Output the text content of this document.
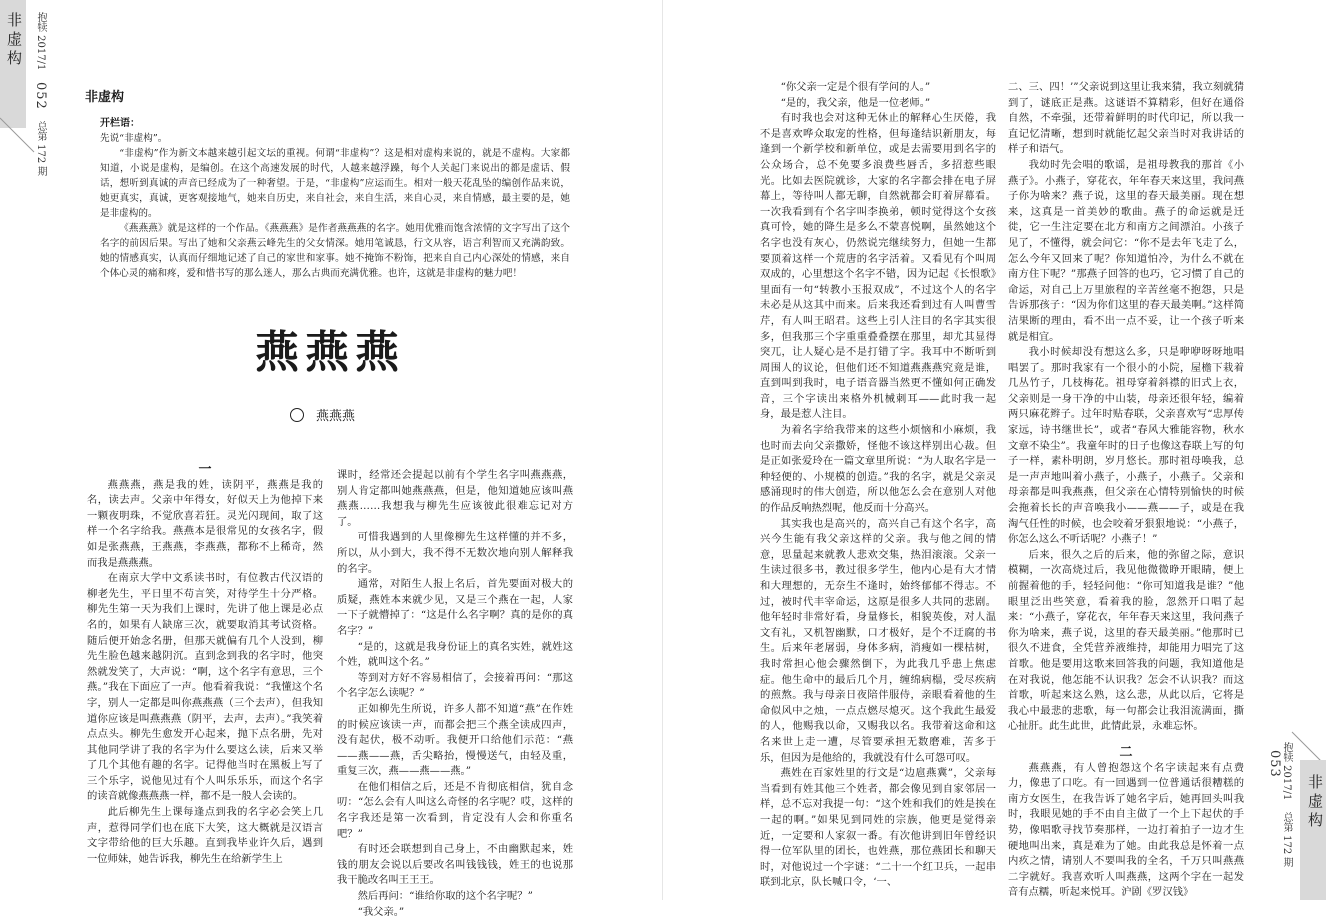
非虚构 抱犊 2017/1 052 总第 172 期
非虚构

开栏语：

先说“非虚构”。

“非虚构”作为新文本越来越引起文坛的重视。何谓“非虚构”？这是相对虚构来说的，就是不虚构。大家都知道，小说是虚构，是编创。在这个高速发展的时代，人越来越浮躁，每个人关起门来说出的都是虚话、假话，想听到真诚的声音已经成为了一种奢望。于是，“非虚构”应运而生。相对一般天花乱坠的编创作品来说，她更真实，真诚，更客观接地气，她来自历史，来自社会，来自生活，来自心灵，来自情感，最主要的是，她是非虚构的。

《燕燕燕》就是这样的一个作品。《燕燕燕》是作者燕燕燕的名字。她用优雅而饱含浓情的文字写出了这个名字的前因后果。写出了她和父亲燕云峰先生的父女情深。她用笔诚恳，行文从容，语言利智而又充满韵致。她的情感真实，认真而仔细地记述了自己的家世和家事。她不掩饰不粉饰，把来自自己内心深处的情感，来自个体心灵的痛和疼，爱和惜书写的那么迷人，那么古典而充满优雅。也许，这就是非虚构的魅力吧！

燕燕燕
燕燕燕

一

燕燕燕，燕是我的姓，读阴平，燕燕是我的名，读去声。父亲中年得女，好似天上为他掉下来一颗夜明珠，不觉欣喜若狂。灵光闪现间，取了这样一个名字给我。燕燕本是很常见的女孩名字，假如是张燕燕，王燕燕，李燕燕，都称不上稀奇，然而我是燕燕燕。

在南京大学中文系读书时，有位教古代汉语的柳老先生，平日里不苟言笑，对待学生十分严格。柳先生第一天为我们上课时，先讲了他上课是必点名的，如果有人缺席三次，就要取消其考试资格。随后便开始念名册，但那天就偏有几个人没到，柳先生脸色越来越阴沉。直到念到我的名字时，他突然就发笑了，大声说：“啊，这个名字有意思，三个燕。”我在下面应了一声。他看着我说：“我懂这个名字，别人一定都是叫你燕燕燕（三个去声），但我知道你应该是叫燕燕燕（阴平，去声，去声）。”我笑着点点头。柳先生愈发开心起来，抛下点名册，先对其他同学讲了我的名字为什么要这么读，后来又举了几个其他有趣的名字。记得他当时在黑板上写了三个乐字，说他见过有个人叫乐乐乐，而这个名字的读音就像燕燕燕一样，都不是一般人会读的。

此后柳先生上课每逢点到我的名字必会笑上几声，惹得同学们也在底下大笑，这大概就是汉语言文字带给他的巨大乐趣。直到我毕业许久后，遇到一位师妹，她告诉我，柳先生在给新学生上

课时，经常还会提起以前有个学生名字叫燕燕燕，别人肯定都叫她燕燕燕，但是，他知道她应该叫燕燕燕……我想我与柳先生应该彼此很难忘记对方了。

可惜我遇到的人里像柳先生这样懂的并不多，所以，从小到大，我不得不无数次地向别人解释我的名字。

通常，对陌生人报上名后，首先要面对极大的质疑，燕姓本来就少见，又是三个燕在一起，人家一下子就懵掉了：“这是什么名字啊？真的是你的真名字？”

“是的，这就是我身份证上的真名实姓，就姓这个姓，就叫这个名。”

等到对方好不容易相信了，会接着再问：“那这个名字怎么读呢？”

正如柳先生所说，许多人都不知道“燕”在作姓的时候应该读一声，而都会把三个燕全读成四声，没有起伏，极不动听。我便开口给他们示范：“燕——燕——燕，舌尖略抬，慢慢送气，由轻及重，重复三次，燕——燕——燕。”

在他们相信之后，还是不肯彻底相信，犹自念叨：“怎么会有人叫这么奇怪的名字呢？哎，这样的名字我还是第一次看到，肯定没有人会和你重名吧？”

有时还会联想到自己身上，不由幽默起来，姓钱的朋友会说以后要改名叫钱钱钱，姓王的也说那我干脆改名叫王王王。

然后再问：“谁给你取的这个名字呢？”

“我父亲。”

“你父亲一定是个很有学问的人。”

“是的，我父亲，他是一位老师。”

有时我也会对这种无休止的解释心生厌倦，我不是喜欢哗众取宠的性格，但每逢结识新朋友，每逢到一个新学校和新单位，或是去需要用到名字的公众场合，总不免要多浪费些唇舌，多招惹些眼光。比如去医院就诊，大家的名字都会排在电子屏幕上，等待叫人都无聊，自然就都会盯着屏幕看。一次我看到有个名字叫李换弟，顿时觉得这个女孩真可怜，她的降生是多么不蒙喜悦啊，虽然她这个名字也没有灰心，仍然说完继续努力，但她一生都要顶着这样一个荒唐的名字活着。又看见有个叫周双成的，心里想这个名字不错，因为记起《长恨歌》里面有一句“转教小玉报双成”，不过这个人的名字未必是从这其中而来。后来我还看到过有人叫曹雪芹，有人叫王昭君。这些上引人注目的名字其实很多，但我那三个字重重叠叠摆在那里，却尤其显得突兀，让人疑心是不是打错了字。我耳中不断听到周围人的议论，但他们还不知道燕燕燕究竟是谁，直到叫到我时，电子语音器当然更不懂如何正确发音，三个字读出来格外机械刺耳——此时我一起身，最是惹人注目。

为着名字给我带来的这些小烦恼和小麻烦，我也时而去向父亲撒娇，怪他不该这样别出心裁。但是正如张爱玲在一篇文章里所说：“为人取名字是一种轻便的、小规模的创造。”我的名字，就是父亲灵感涌现时的伟大创造，所以他怎么会在意别人对他的作品反响热烈呢，他反而十分高兴。

其实我也是高兴的，高兴自己有这个名字，高兴今生能有我父亲这样的父亲。我与他之间的情意，思量起来就教人悲欢交集，热泪滚滚。父亲一生读过很多书，教过很多学生，他内心是有大才情和大理想的，无奈生不逢时，始终郁郁不得志。不过，被时代丰宰命运，这原是很多人共同的悲剧。他年轻时非常好看，身量修长，相貌英俊，对人温文有礼，又机智幽默，口才极好，是个不迂腐的书生。后来年老屠弱，身体多病，消瘦如一棵枯树，我时常担心他会骤然倒下，为此我几乎患上焦虑症。他生命中的最后几个月，缠绵病榻，受尽疾病的煎熬。我与母亲日夜陪伴服侍，亲眼看着他的生命似风中之烛，一点点燃尽熄灭。这个我此生最爱的人，他赐我以命，又赐我以名。我带着这命和这名来世上走一遭，尽管要承担无数磨难，苦多于乐，但因为是他给的，我就没有什么可怨可叹。

燕姓在百家姓里的行文是“边扈燕冀”，父亲每当看到有姓其他三个姓者，都会像见到自家邻居一样，总不忘对我提一句：“这个姓和我们的姓是挨在一起的啊。”如果见到同姓的宗族，他更是觉得亲近，一定要和人家叙一番。有次他讲到旧年曾经识得一位军队里的团长，也姓燕，那位燕团长和聊天时，对他说过一个字谜：“二十一个红卫兵，一起串联到北京，队长喊口令，‘一、

二、三、四！’”父亲说到这里让我来猜，我立刻就猜到了，谜底正是燕。这谜语不算精彩，但好在通俗自然，不牵强，还带着鲜明的时代印记，所以我一直记忆清晰，想到时就能忆起父亲当时对我讲话的样子和语气。

我幼时先会唱的歌谣，是祖母教我的那首《小燕子》。小燕子，穿花衣，年年春天来这里，我问燕子你为啥来？燕子说，这里的春天最美丽。现在想来，这真是一首美妙的歌曲。燕子的命运就是迁徙，它一生注定要在北方和南方之间漂泊。小孩子见了，不懂得，就会问它：“你不是去年飞走了么，怎么今年又回来了呢？你知道怕冷，为什么不就在南方住下呢？”那燕子回答的也巧，它习惯了自己的命运，对自己上万里旅程的辛苦丝毫不抱怨，只是告诉那孩子：“因为你们这里的春天最美啊。”这样简洁果断的理由，看不出一点不妥，让一个孩子听来就是相宜。

我小时候却没有想这么多，只是咿咿呀呀地唱唱罢了。那时我家有一个很小的小院，屋檐下栽着几丛竹子，几枝梅花。祖母穿着斜襟的旧式上衣，父亲则是一身干净的中山装，母亲还很年轻，编着两只麻花辫子。过年时贴春联，父亲喜欢写“忠厚传家远，诗书继世长”，或者“春风大雅能容物，秋水文章不染尘”。我童年时的日子也像这春联上写的句子一样，素朴明朗，岁月悠长。那时祖母唤我，总是一声声地叫着小燕子，小燕子，小燕子。父亲和母亲都是叫我燕燕，但父亲在心情特别愉快的时候会拖着长长的声音唤我小——燕——子，或是在我淘气任性的时候，也会咬着牙狠狠地说：“小燕子，你怎么这么不听话呢？小燕子！”

后来，很久之后的后来，他的弥留之际，意识模糊，一次高烧过后，我见他微微睁开眼睛，便上前握着他的手，轻轻问他：“你可知道我是谁？”他眼里泛出些笑意，看着我的脸，忽然开口唱了起来：“小燕子，穿花衣，年年春天来这里，我问燕子你为啥来，燕子说，这里的春天最美丽。”他那时已很久不进食，全凭营养液维持，却能用力唱完了这首歌。他是要用这歌来回答我的问题，我知道他是在对我说，他怎能不认识我？怎会不认识我？而这首歌，听起来这么熟，这么悲，从此以后，它将是我心中最悲的悲歌，每一句都会让我泪流满面，撕心扯肝。此生此世，此情此景，永难忘怀。

二

燕燕燕，有人曾抱怨这个名字读起来有点费力，像患了口吃。有一回遇到一位普通话很糟糕的南方女医生，在我告诉了她名字后，她再回头叫我时，我眼见她的手不由自主做了一个上下起伏的手势，像唱歌寻找节奏那样，一边打着拍子一边才生硬地叫出来，真是难为了她。由此我总是怀着一点内疚之情，请别人不要叫我的全名，千万只叫燕燕二字就好。我喜欢听人叫燕燕，这两个字在一起发音有点糯，听起来悦耳。沪剧《罗汉钱》

抱犊 2017/1 总第 172 期 053
非虚构
